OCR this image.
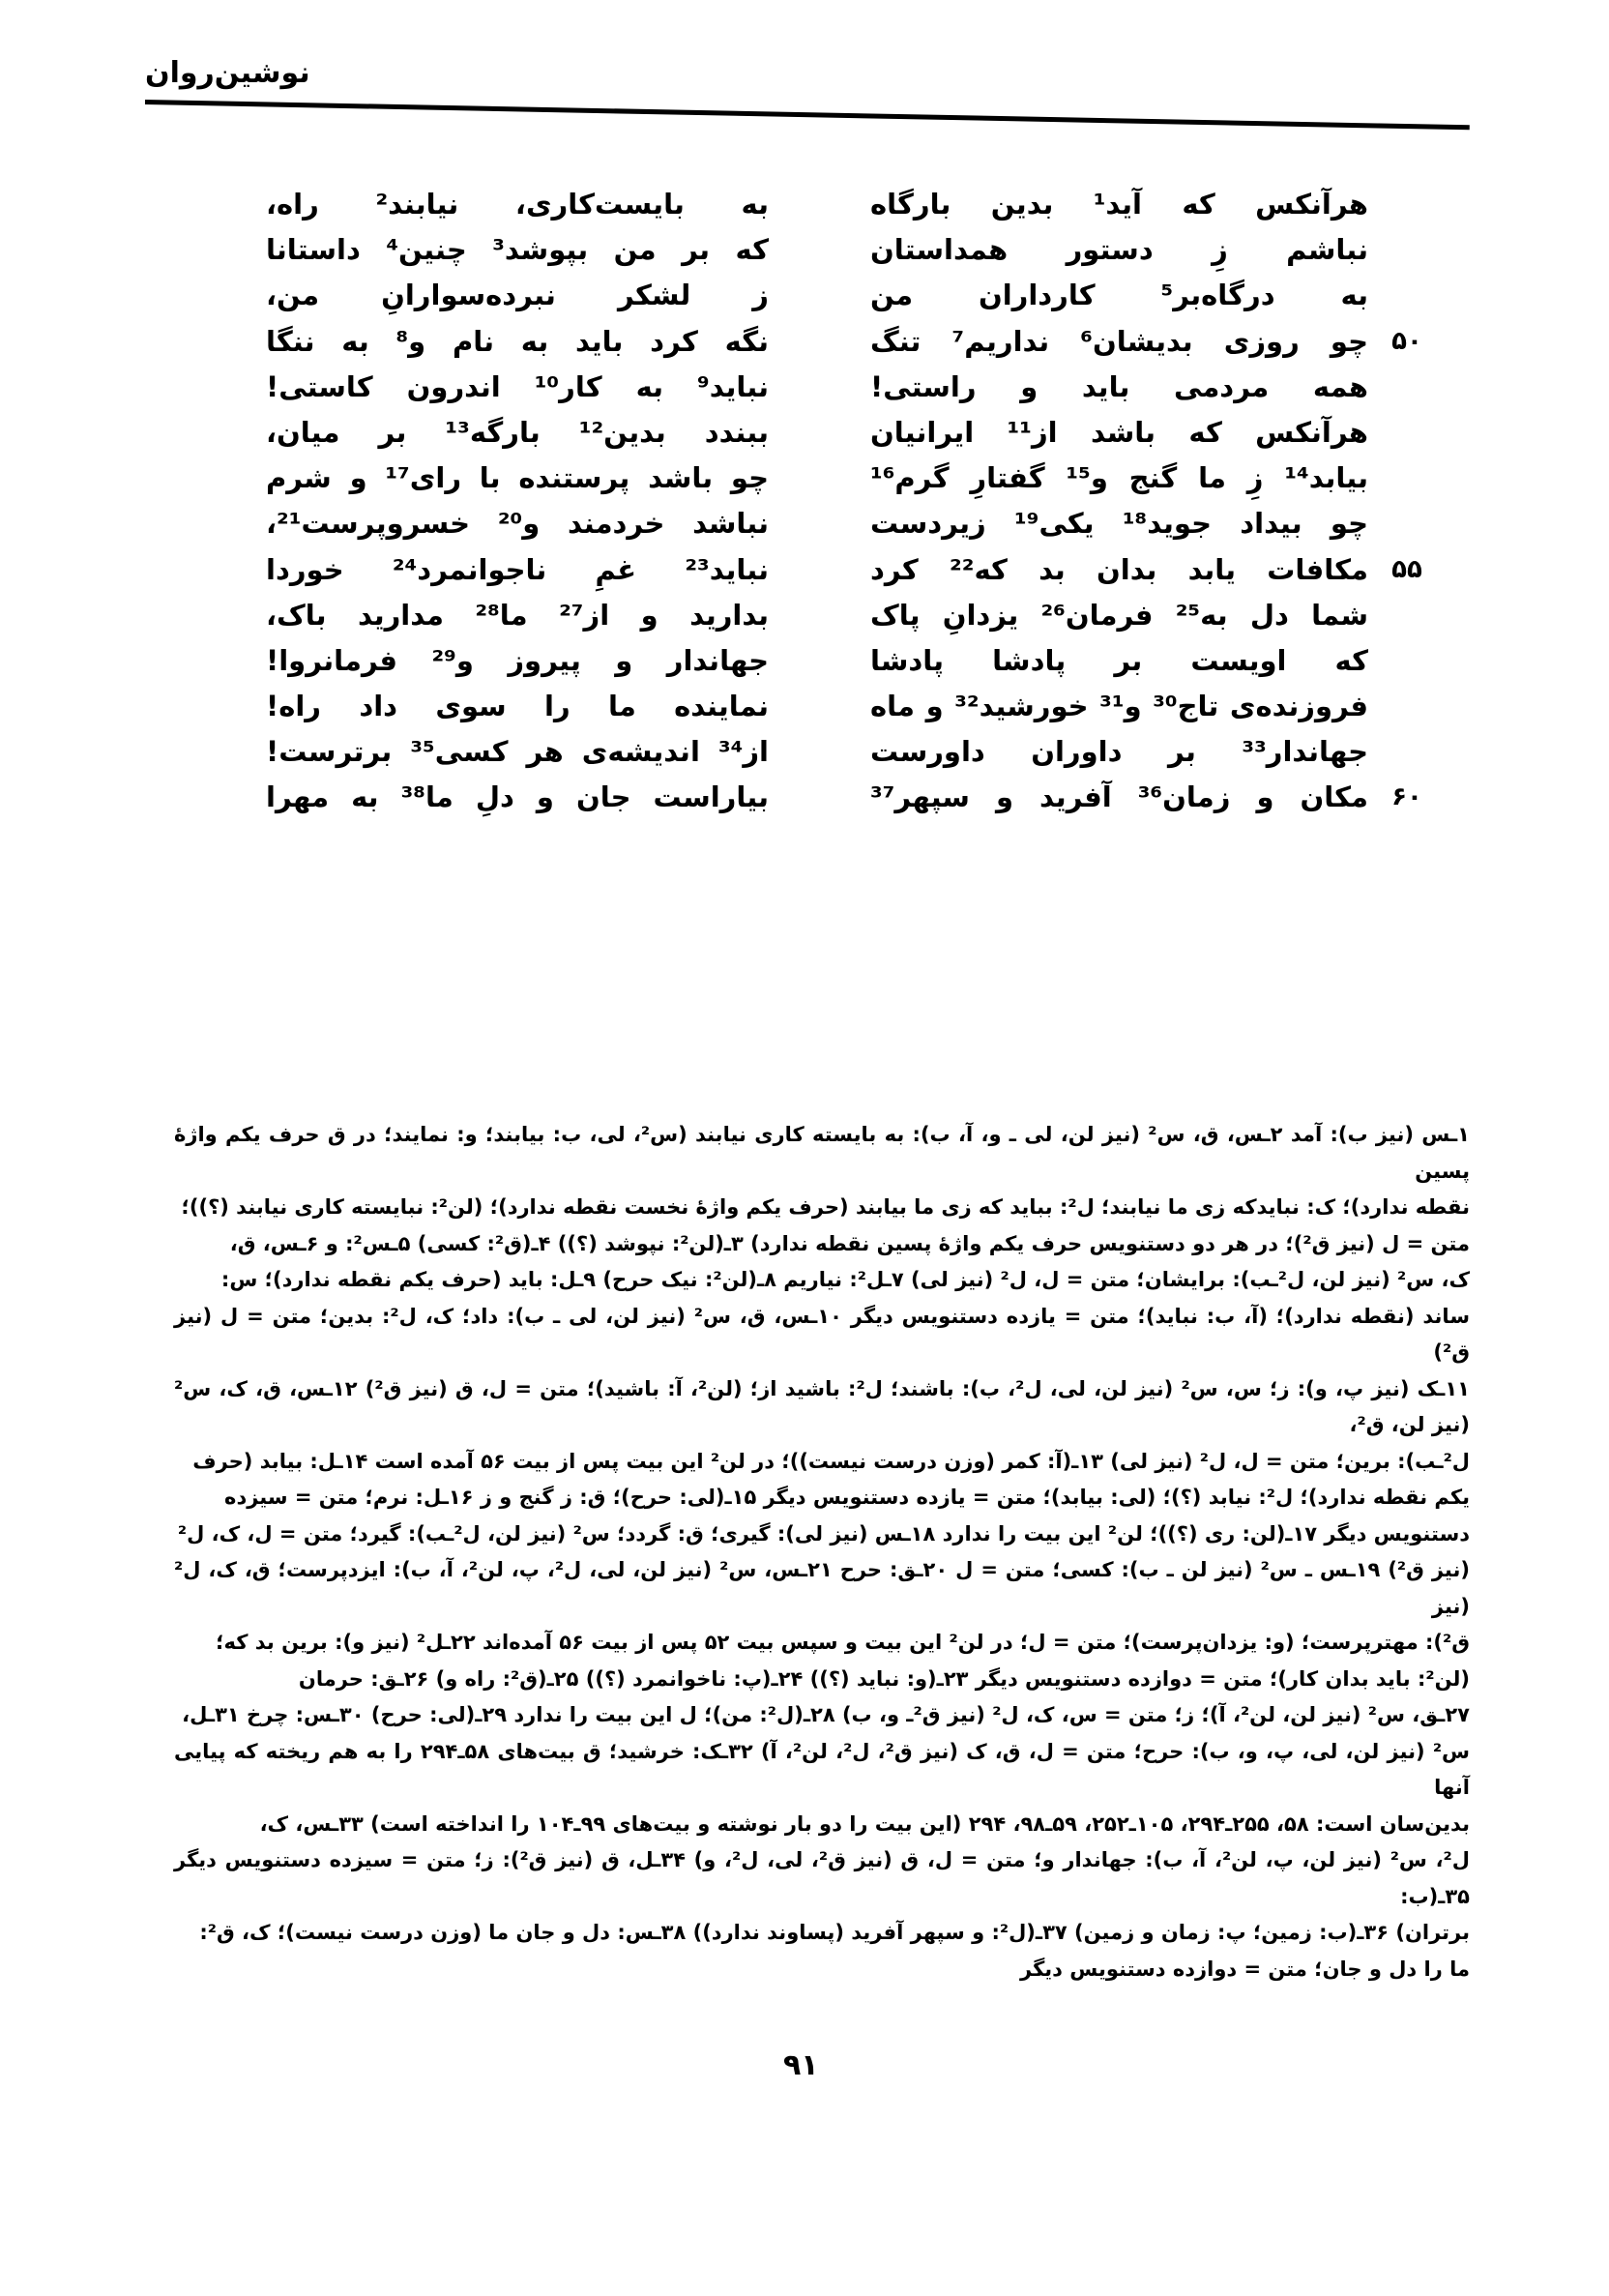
نوشین‌روان
هرآنکس که آید¹ بدین بارگاه
نباشم زِ دستور همداستان
به درگاه‌بر⁵ کارداران من
چو روزی بدیشان⁶ نداریم⁷ تنگ
همه مردمی باید و راستی!
هرآنکس که باشد از¹¹ ایرانیان
بیابد¹⁴ زِ ما گنج و¹⁵ گفتارِ گرم¹⁶
چو بیداد جوید¹⁸ یکی¹⁹ زیردست
مکافات یابد بدان بد که²² کرد
شما دل به²⁵ فرمان²⁶ یزدانِ پاک
که اویست بر پادشا پادشا
فروزنده‌ی تاج³⁰ و³¹ خورشید³² و ماه
جهاندار³³ بر داوران داورست
مکان و زمان³⁶ آفرید و سپهر³⁷
به بایست‌کاری، نیابند² راه،
که بر من بپوشد³ چنین⁴ داستانا
ز لشکر نبرده‌سوارانِ من،
نگه کرد باید به نام و⁸ به ننگا
نباید⁹ به کار¹⁰ اندرون کاستی!
ببندد بدین¹² بارگه¹³ بر میان،
چو باشد پرستنده با رای¹⁷ و شرم
نباشد خردمند و²⁰ خسروپرست²¹،
نباید²³ غمِ ناجوانمرد²⁴ خوردا
بدارید و از²⁷ ما²⁸ مدارید باک،
جهاندار و پیروز و²⁹ فرمانروا!
نماینده ما را سوی داد راه!
از³⁴ اندیشه‌ی هر کسی³⁵ برترست!
بیاراست جان و دلِ ما³⁸ به مهرا
۵۰
۵۵
۶۰

۱ـس (نیز ب): آمد ۲ـس، ق، س² (نیز لن، لی ـ و، آ، ب): به بایسته کاری نیابند (س²، لی، ب: بیابند؛ و: نمایند؛ در ق حرف یکم واژهٔ پسین

نقطه ندارد)؛ ک: نبایدکه زی ما نیابند؛ ل²: بباید که زی ما بیابند (حرف یکم واژهٔ نخست نقطه ندارد)؛ (لن²: نبایسته کاری نیابند (؟))؛

متن = ل (نیز ق²)؛ در هر دو دستنویس حرف یکم واژهٔ پسین نقطه ندارد) ۳ـ(لن²: نپوشد (؟)) ۴ـ(ق²: کسی) ۵ـس²: و ۶ـس، ق،

ک، س² (نیز لن، ل²ـب): برایشان؛ متن = ل، ل² (نیز لی) ۷ـل²: نیاریم ۸ـ(لن²: نیک حرح) ۹ـل: باید (حرف یکم نقطه ندارد)؛ س:

ساند (نقطه ندارد)؛ (آ، ب: نباید)؛ متن = یازده دستنویس دیگر ۱۰ـس، ق، س² (نیز لن، لی ـ ب): داد؛ ک، ل²: بدین؛ متن = ل (نیز ق²)

۱۱ـک (نیز پ، و): ز؛ س، س² (نیز لن، لی، ل²، ب): باشند؛ ل²: باشید از؛ (لن²، آ: باشید)؛ متن = ل، ق (نیز ق²) ۱۲ـس، ق، ک، س² (نیز لن، ق²،

ل²ـب): برین؛ متن = ل، ل² (نیز لی) ۱۳ـ(آ: کمر (وزن درست نیست))؛ در لن² این بیت پس از بیت ۵۶ آمده است ۱۴ـل: بیابد (حرف

یکم نقطه ندارد)؛ ل²: نیابد (؟)؛ (لی: بیابد)؛ متن = یازده دستنویس دیگر ۱۵ـ(لی: حرح)؛ ق: ز گنج و ز ۱۶ـل: نرم؛ متن = سیزده

دستنویس دیگر ۱۷ـ(لن: ری (؟))؛ لن² این بیت را ندارد ۱۸ـس (نیز لی): گیری؛ ق: گردد؛ س² (نیز لن، ل²ـب): گیرد؛ متن = ل، ک، ل²

(نیز ق²) ۱۹ـس ـ س² (نیز لن ـ ب): کسی؛ متن = ل ۲۰ـق: حرح ۲۱ـس، س² (نیز لن، لی، ل²، پ، لن²، آ، ب): ایزدپرست؛ ق، ک، ل² (نیز

ق²): مهترپرست؛ (و: یزدان‌پرست)؛ متن = ل؛ در لن² این بیت و سپس بیت ۵۲ پس از بیت ۵۶ آمده‌اند ۲۲ـل² (نیز و): برین بد که؛

(لن²: باید بدان کار)؛ متن = دوازده دستنویس دیگر ۲۳ـ(و: نباید (؟)) ۲۴ـ(پ: ناخوانمرد (؟)) ۲۵ـ(ق²: راه و) ۲۶ـق: حرمان

۲۷ـق، س² (نیز لن، لن²، آ)؛ ز؛ متن = س، ک، ل² (نیز ق²ـ و، ب) ۲۸ـ(ل²: من)؛ ل این بیت را ندارد ۲۹ـ(لی: حرح) ۳۰ـس: چرخ ۳۱ـل،

س² (نیز لن، لی، پ، و، ب): حرح؛ متن = ل، ق، ک (نیز ق²، ل²، لن²، آ) ۳۲ـک: خرشید؛ ق بیت‌های ۵۸ـ۲۹۴ را به هم ریخته که پیایی آنها

بدین‌سان است: ۵۸، ۲۵۵ـ۲۹۴، ۱۰۵ـ۲۵۲، ۵۹ـ۹۸، ۲۹۴ (این بیت را دو بار نوشته و بیت‌های ۹۹ـ۱۰۴ را انداخته است) ۳۳ـس، ک،

ل²، س² (نیز لن، پ، لن²، آ، ب): جهاندار و؛ متن = ل، ق (نیز ق²، لی، ل²، و) ۳۴ـل، ق (نیز ق²): ز؛ متن = سیزده دستنویس دیگر ۳۵ـ(ب:

برتران) ۳۶ـ(ب: زمین؛ پ: زمان و زمین) ۳۷ـ(ل²: و سپهر آفرید (پساوند ندارد)) ۳۸ـس: دل و جان ما (وزن درست نیست)؛ ک، ق²:

ما را دل و جان؛ متن = دوازده دستنویس دیگر

۹۱
